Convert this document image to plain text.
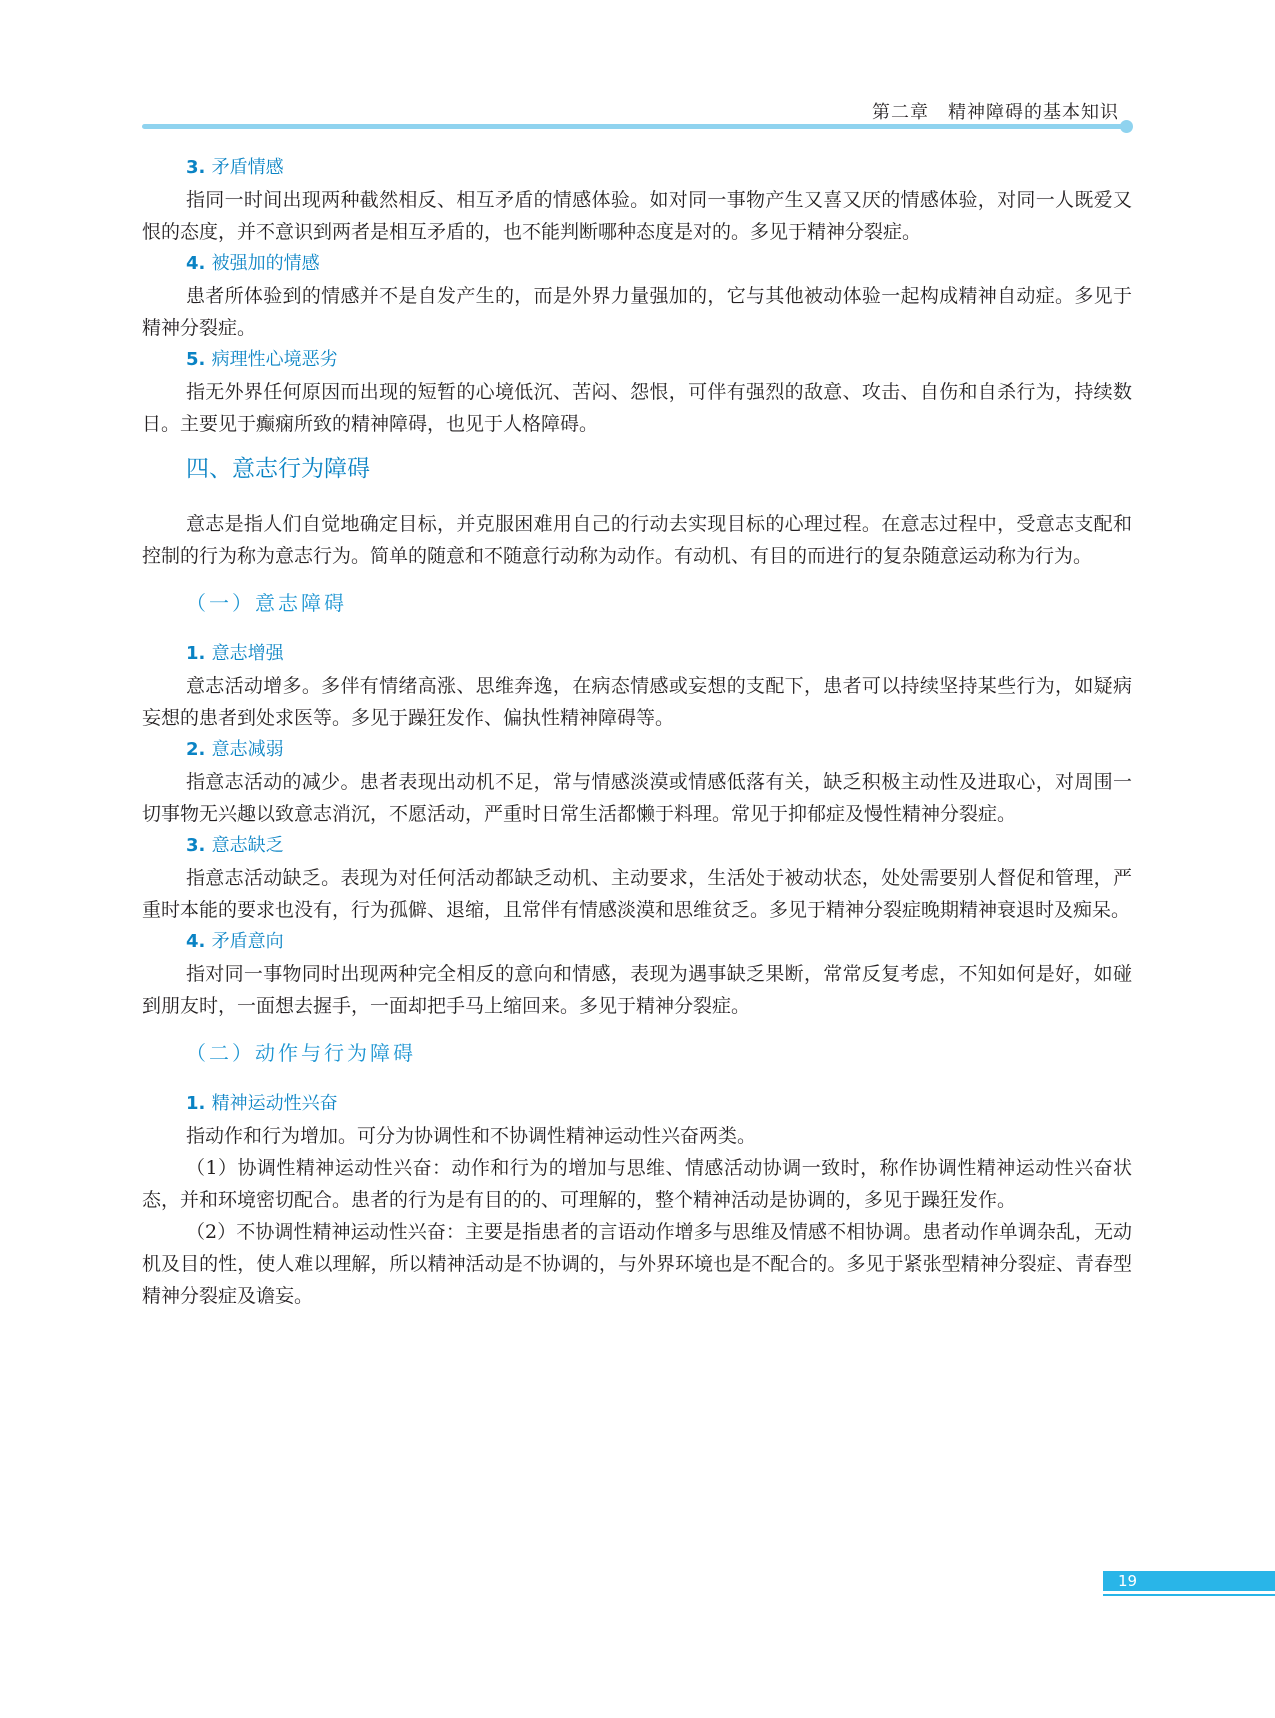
第二章　精神障碍的基本知识
3. 矛盾情感

指同一时间出现两种截然相反、相互矛盾的情感体验。如对同一事物产生又喜又厌的情感体验，对同一人既爱又恨的态度，并不意识到两者是相互矛盾的，也不能判断哪种态度是对的。多见于精神分裂症。

4. 被强加的情感

患者所体验到的情感并不是自发产生的，而是外界力量强加的，它与其他被动体验一起构成精神自动症。多见于精神分裂症。

5. 病理性心境恶劣

指无外界任何原因而出现的短暂的心境低沉、苦闷、怨恨，可伴有强烈的敌意、攻击、自伤和自杀行为，持续数日。主要见于癫痫所致的精神障碍，也见于人格障碍。

四、意志行为障碍

意志是指人们自觉地确定目标，并克服困难用自己的行动去实现目标的心理过程。在意志过程中，受意志支配和控制的行为称为意志行为。简单的随意和不随意行动称为动作。有动机、有目的而进行的复杂随意运动称为行为。

（一）意志障碍
1. 意志增强

意志活动增多。多伴有情绪高涨、思维奔逸，在病态情感或妄想的支配下，患者可以持续坚持某些行为，如疑病妄想的患者到处求医等。多见于躁狂发作、偏执性精神障碍等。

2. 意志减弱

指意志活动的减少。患者表现出动机不足，常与情感淡漠或情感低落有关，缺乏积极主动性及进取心，对周围一切事物无兴趣以致意志消沉，不愿活动，严重时日常生活都懒于料理。常见于抑郁症及慢性精神分裂症。

3. 意志缺乏

指意志活动缺乏。表现为对任何活动都缺乏动机、主动要求，生活处于被动状态，处处需要别人督促和管理，严重时本能的要求也没有，行为孤僻、退缩，且常伴有情感淡漠和思维贫乏。多见于精神分裂症晚期精神衰退时及痴呆。

4. 矛盾意向

指对同一事物同时出现两种完全相反的意向和情感，表现为遇事缺乏果断，常常反复考虑，不知如何是好，如碰到朋友时，一面想去握手，一面却把手马上缩回来。多见于精神分裂症。

（二）动作与行为障碍
1. 精神运动性兴奋

指动作和行为增加。可分为协调性和不协调性精神运动性兴奋两类。

（1）协调性精神运动性兴奋：动作和行为的增加与思维、情感活动协调一致时，称作协调性精神运动性兴奋状态，并和环境密切配合。患者的行为是有目的的、可理解的，整个精神活动是协调的，多见于躁狂发作。

（2）不协调性精神运动性兴奋：主要是指患者的言语动作增多与思维及情感不相协调。患者动作单调杂乱，无动机及目的性，使人难以理解，所以精神活动是不协调的，与外界环境也是不配合的。多见于紧张型精神分裂症、青春型精神分裂症及谵妄。

19
